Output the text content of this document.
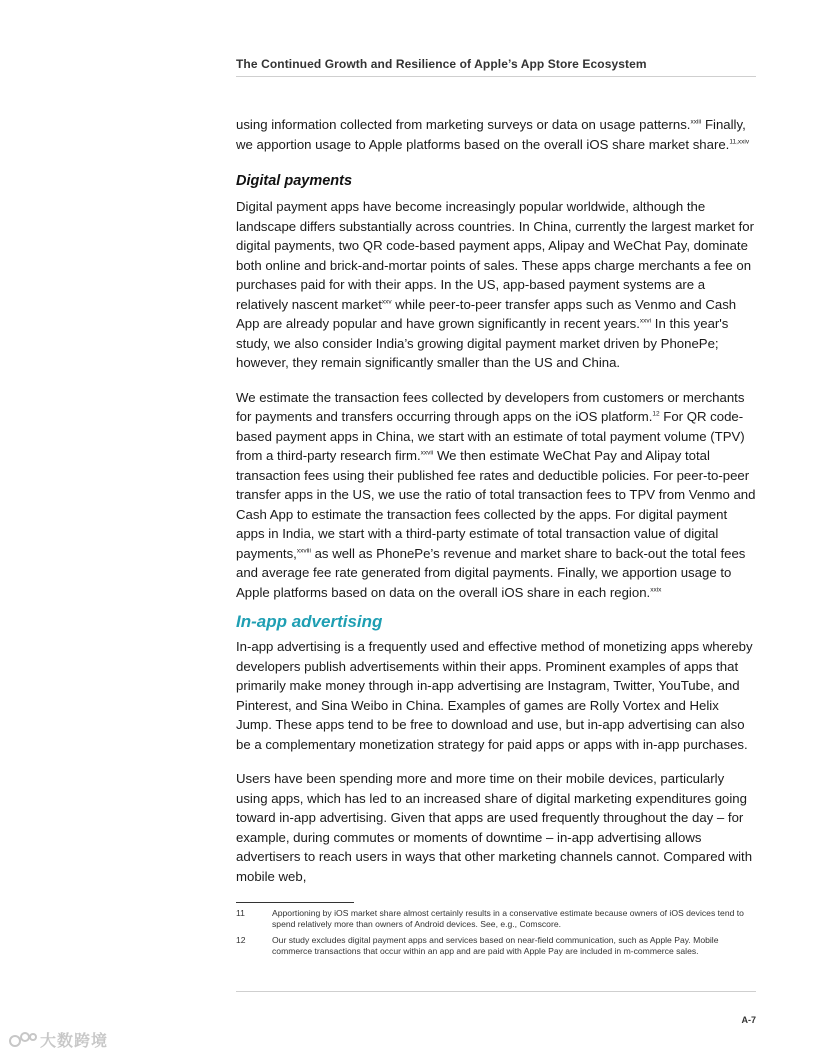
The Continued Growth and Resilience of Apple’s App Store Ecosystem

using information collected from marketing surveys or data on usage patterns.$^{xxiii}$ Finally, we apportion usage to Apple platforms based on the overall iOS share market share.$^{11,xxiv}$

Digital payments

Digital payment apps have become increasingly popular worldwide, although the landscape differs substantially across countries. In China, currently the largest market for digital payments, two QR code-based payment apps, Alipay and WeChat Pay, dominate both online and brick-and-mortar points of sales. These apps charge merchants a fee on purchases paid for with their apps. In the US, app-based payment systems are a relatively nascent market$^{xxv}$ while peer-to-peer transfer apps such as Venmo and Cash App are already popular and have grown significantly in recent years.$^{xxvi}$ In this year's study, we also consider India’s growing digital payment market driven by PhonePe; however, they remain significantly smaller than the US and China.

We estimate the transaction fees collected by developers from customers or merchants for payments and transfers occurring through apps on the iOS platform.$^{12}$ For QR code-based payment apps in China, we start with an estimate of total payment volume (TPV) from a third-party research firm.$^{xxvii}$ We then estimate WeChat Pay and Alipay total transaction fees using their published fee rates and deductible policies. For peer-to-peer transfer apps in the US, we use the ratio of total transaction fees to TPV from Venmo and Cash App to estimate the transaction fees collected by the apps. For digital payment apps in India, we start with a third-party estimate of total transaction value of digital payments,$^{xxviii}$ as well as PhonePe’s revenue and market share to back-out the total fees and average fee rate generated from digital payments. Finally, we apportion usage to Apple platforms based on data on the overall iOS share in each region.$^{xxix}$

In-app advertising

In-app advertising is a frequently used and effective method of monetizing apps whereby developers publish advertisements within their apps. Prominent examples of apps that primarily make money through in-app advertising are Instagram, Twitter, YouTube, and Pinterest, and Sina Weibo in China. Examples of games are Rolly Vortex and Helix Jump. These apps tend to be free to download and use, but in-app advertising can also be a complementary monetization strategy for paid apps or apps with in-app purchases.

Users have been spending more and more time on their mobile devices, particularly using apps, which has led to an increased share of digital marketing expenditures going toward in-app advertising. Given that apps are used frequently throughout the day – for example, during commutes or moments of downtime – in-app advertising allows advertisers to reach users in ways that other marketing channels cannot. Compared with mobile web,

11	Apportioning by iOS market share almost certainly results in a conservative estimate because owners of iOS devices tend to spend relatively more than owners of Android devices. See, e.g., Comscore.
12	Our study excludes digital payment apps and services based on near-field communication, such as Apple Pay. Mobile commerce transactions that occur within an app and are paid with Apple Pay are included in m-commerce sales.
A-7
大数跨境
